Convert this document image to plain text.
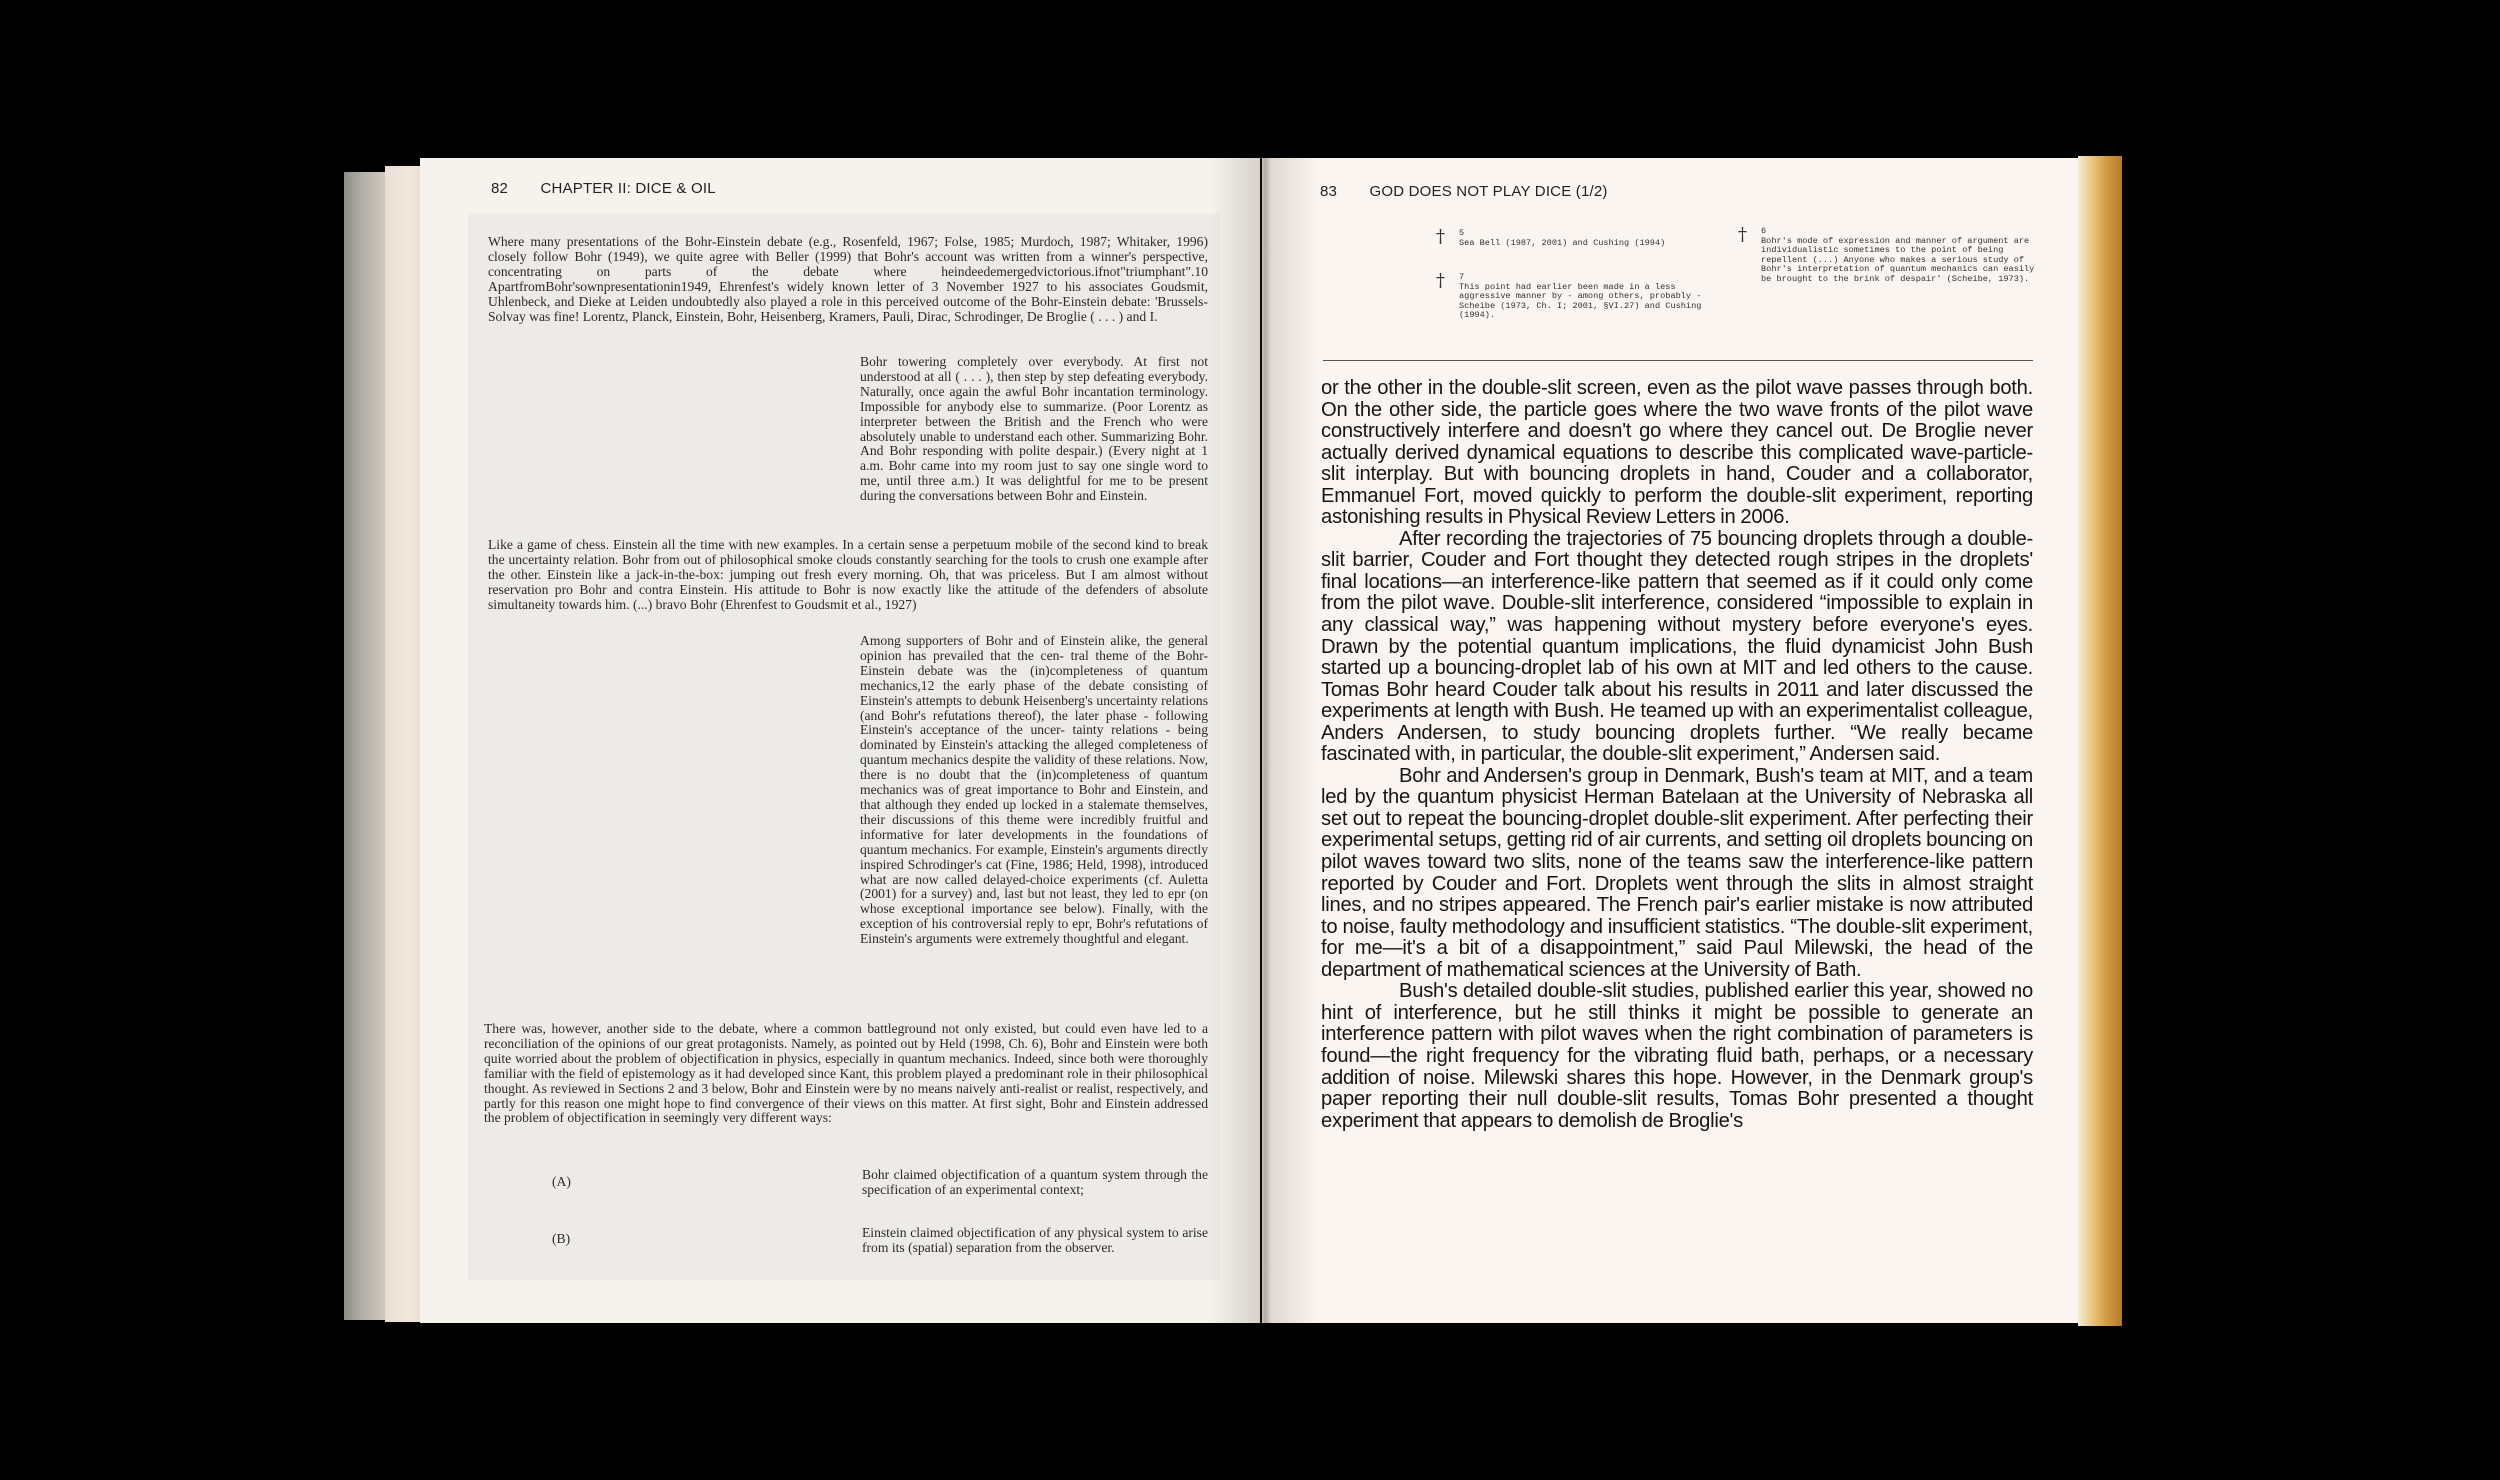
82 CHAPTER II: DICE & OIL

Where many presentations of the Bohr-Einstein debate (e.g., Rosenfeld, 1967; Folse, 1985; Murdoch, 1987; Whitaker, 1996) closely follow Bohr (1949), we quite agree with Beller (1999) that Bohr's account was written from a winner's perspective, concentrating on parts of the debate where heindeedemergedvictorious.ifnot"triumphant".10 ApartfromBohr'sownpresentationin1949, Ehrenfest's widely known letter of 3 November 1927 to his associates Goudsmit, Uhlenbeck, and Dieke at Leiden undoubtedly also played a role in this perceived outcome of the Bohr-Einstein debate: 'Brussels-Solvay was fine! Lorentz, Planck, Einstein, Bohr, Heisenberg, Kramers, Pauli, Dirac, Schrodinger, De Broglie ( . . . ) and I.

Bohr towering completely over everybody. At first not understood at all ( . . . ), then step by step defeating everybody. Naturally, once again the awful Bohr incantation terminology. Impossible for anybody else to summarize. (Poor Lorentz as interpreter between the British and the French who were absolutely unable to understand each other. Summarizing Bohr. And Bohr responding with polite despair.) (Every night at 1 a.m. Bohr came into my room just to say one single word to me, until three a.m.) It was delightful for me to be present during the conversations between Bohr and Einstein.

Like a game of chess. Einstein all the time with new examples. In a certain sense a perpetuum mobile of the second kind to break the uncertainty relation. Bohr from out of philosophical smoke clouds constantly searching for the tools to crush one example after the other. Einstein like a jack-in-the-box: jumping out fresh every morning. Oh, that was priceless. But I am almost without reservation pro Bohr and contra Einstein. His attitude to Bohr is now exactly like the attitude of the defenders of absolute simultaneity towards him. (...) bravo Bohr (Ehrenfest to Goudsmit et al., 1927)

Among supporters of Bohr and of Einstein alike, the general opinion has prevailed that the cen- tral theme of the Bohr-Einstein debate was the (in)completeness of quantum mechanics,12 the early phase of the debate consisting of Einstein's attempts to debunk Heisenberg's uncertainty relations (and Bohr's refutations thereof), the later phase - following Einstein's acceptance of the uncer- tainty relations - being dominated by Einstein's attacking the alleged completeness of quantum mechanics despite the validity of these relations. Now, there is no doubt that the (in)completeness of quantum mechanics was of great importance to Bohr and Einstein, and that although they ended up locked in a stalemate themselves, their discussions of this theme were incredibly fruitful and informative for later developments in the foundations of quantum mechanics. For example, Einstein's arguments directly inspired Schrodinger's cat (Fine, 1986; Held, 1998), introduced what are now called delayed-choice experiments (cf. Auletta (2001) for a survey) and, last but not least, they led to epr (on whose exceptional importance see below). Finally, with the exception of his controversial reply to epr, Bohr's refutations of Einstein's arguments were extremely thoughtful and elegant.

There was, however, another side to the debate, where a common battleground not only existed, but could even have led to a reconciliation of the opinions of our great protagonists. Namely, as pointed out by Held (1998, Ch. 6), Bohr and Einstein were both quite worried about the problem of objectification in physics, especially in quantum mechanics. Indeed, since both were thoroughly familiar with the field of epistemology as it had developed since Kant, this problem played a predominant role in their philosophical thought. As reviewed in Sections 2 and 3 below, Bohr and Einstein were by no means naively anti-realist or realist, respectively, and partly for this reason one might hope to find convergence of their views on this matter. At first sight, Bohr and Einstein addressed the problem of objectification in seemingly very different ways:

(A)	Bohr claimed objectification of a quantum system through the specification of an experimental context;

(B)	Einstein claimed objectification of any physical system to arise from its (spatial) separation from the observer.

83 GOD DOES NOT PLAY DICE (1/2)
† 5
Sea Bell (1987, 2001) and Cushing (1994)
† 7
This point had earlier been made in a less aggressive manner by - among others, probably - Scheibe (1973, Ch. I; 2001, §VI.27) and Cushing (1994).
† 6
Bohr's mode of expression and manner of argument are individualistic sometimes to the point of being repellent (...) Anyone who makes a serious study of Bohr's interpretation of quantum mechanics can easily be brought to the brink of despair' (Scheibe, 1973).

or the other in the double-slit screen, even as the pilot wave passes through both. On the other side, the particle goes where the two wave fronts of the pilot wave constructively interfere and doesn't go where they cancel out. De Broglie never actually derived dynamical equations to describe this complicated wave-particle-slit interplay. But with bouncing droplets in hand, Couder and a collaborator, Emmanuel Fort, moved quickly to perform the double-slit experiment, reporting astonishing results in Physical Review Letters in 2006.

After recording the trajectories of 75 bouncing droplets through a double-slit barrier, Couder and Fort thought they detected rough stripes in the droplets' final locations—an interference-like pattern that seemed as if it could only come from the pilot wave. Double-slit interference, considered “impossible to explain in any classical way,” was happening without mystery before everyone's eyes. Drawn by the potential quantum implications, the fluid dynamicist John Bush started up a bouncing-droplet lab of his own at MIT and led others to the cause. Tomas Bohr heard Couder talk about his results in 2011 and later discussed the experiments at length with Bush. He teamed up with an experimentalist colleague, Anders Andersen, to study bouncing droplets further. “We really became fascinated with, in particular, the double-slit experiment,” Andersen said.

Bohr and Andersen's group in Denmark, Bush's team at MIT, and a team led by the quantum physicist Herman Batelaan at the University of Nebraska all set out to repeat the bouncing-droplet double-slit experiment. After perfecting their experimental setups, getting rid of air currents, and setting oil droplets bouncing on pilot waves toward two slits, none of the teams saw the interference-like pattern reported by Couder and Fort. Droplets went through the slits in almost straight lines, and no stripes appeared. The French pair's earlier mistake is now attributed to noise, faulty methodology and insufficient statistics. “The double-slit experiment, for me—it's a bit of a disappointment,” said Paul Milewski, the head of the department of mathematical sciences at the University of Bath.

Bush's detailed double-slit studies, published earlier this year, showed no hint of interference, but he still thinks it might be possible to generate an interference pattern with pilot waves when the right combination of parameters is found—the right frequency for the vibrating fluid bath, perhaps, or a necessary addition of noise. Milewski shares this hope. However, in the Denmark group's paper reporting their null double-slit results, Tomas Bohr presented a thought experiment that appears to demolish de Broglie's
